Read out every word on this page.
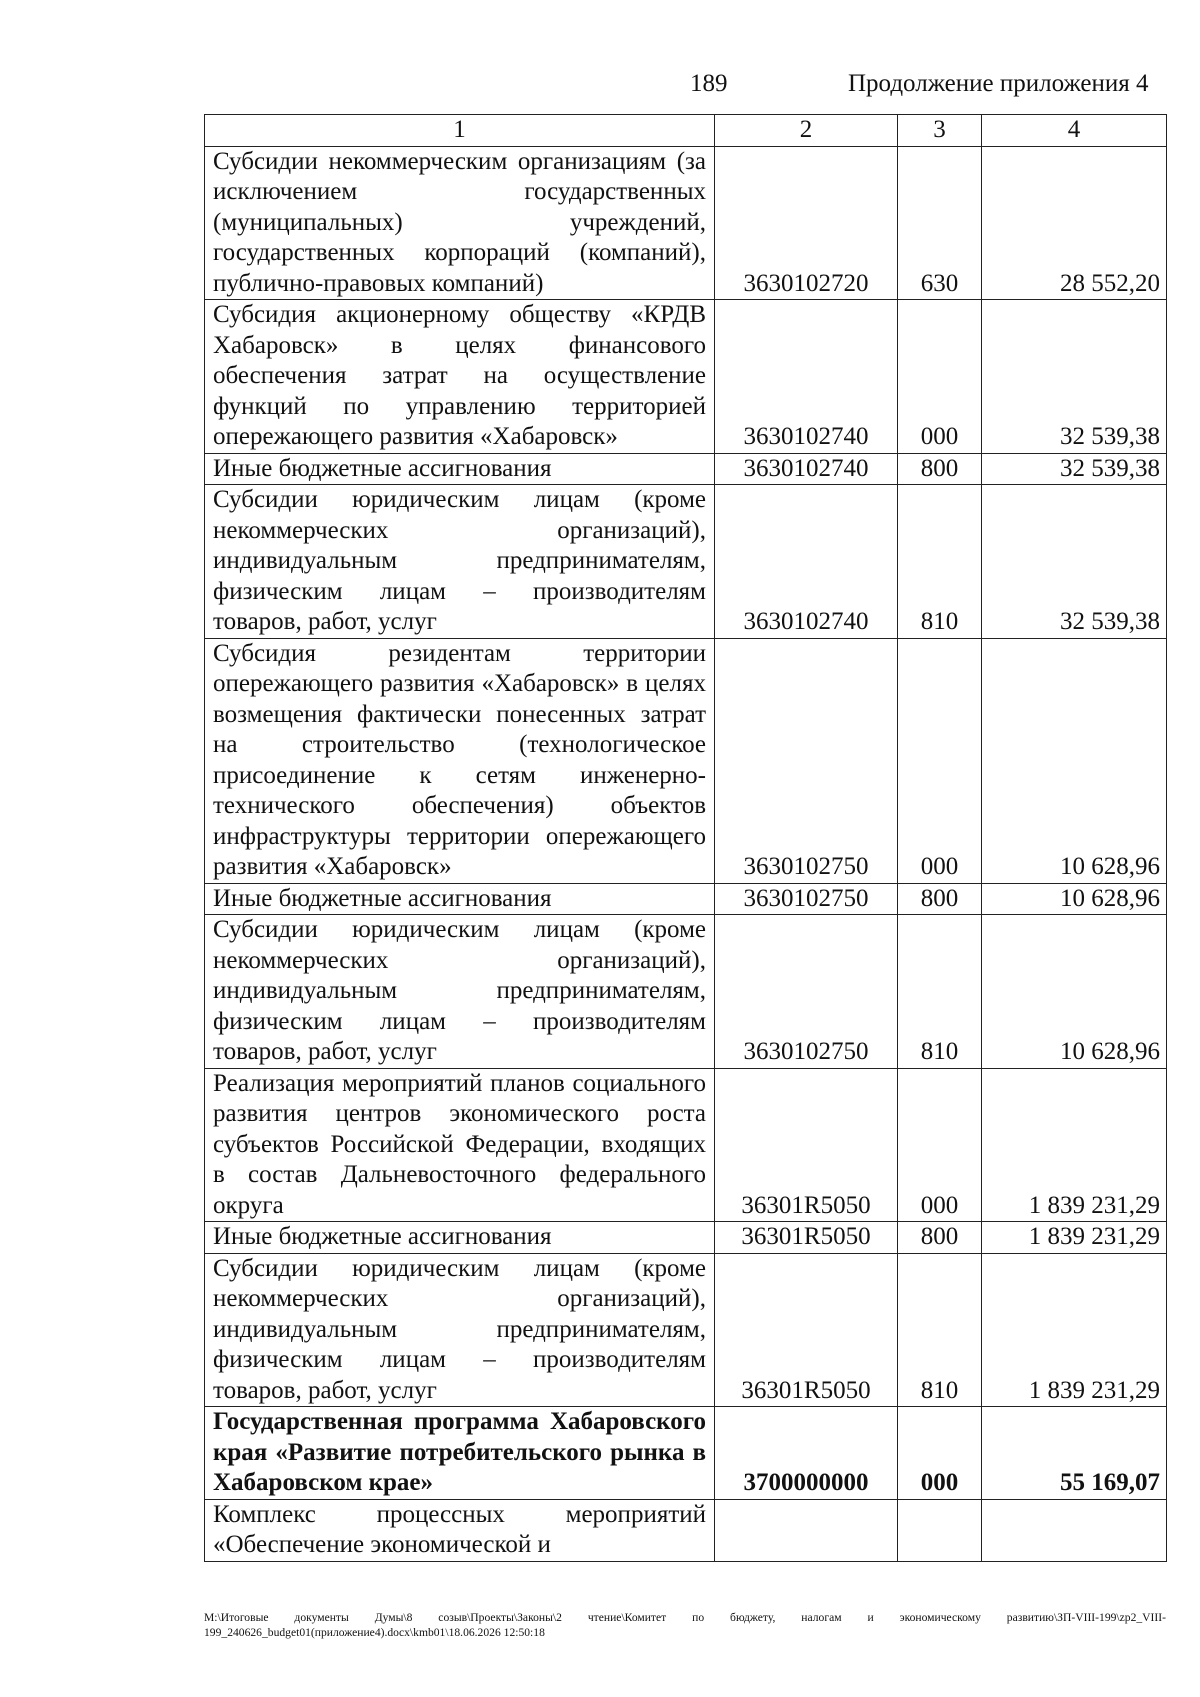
189	Продолжение приложения 4
1	2	3	4
Субсидии некоммерческим организациям (за исключением государственных (муниципальных) учреждений, государственных корпораций (компаний), публично-правовых компаний)	3630102720	630	28 552,20
Субсидия акционерному обществу «КРДВ Хабаровск» в целях финансового обеспечения затрат на осуществление функций по управлению территорией опережающего развития «Хабаровск»	3630102740	000	32 539,38
Иные бюджетные ассигнования	3630102740	800	32 539,38
Субсидии юридическим лицам (кроме некоммерческих организаций), индивидуальным предпринимателям, физическим лицам – производителям товаров, работ, услуг	3630102740	810	32 539,38
Субсидия резидентам территории опережающего развития «Хабаровск» в целях возмещения фактически понесенных затрат на строительство (технологическое присоединение к сетям инженерно-технического обеспечения) объектов инфраструктуры территории опережающего развития «Хабаровск»	3630102750	000	10 628,96
Иные бюджетные ассигнования	3630102750	800	10 628,96
Субсидии юридическим лицам (кроме некоммерческих организаций), индивидуальным предпринимателям, физическим лицам – производителям товаров, работ, услуг	3630102750	810	10 628,96
Реализация мероприятий планов социального развития центров экономического роста субъектов Российской Федерации, входящих в состав Дальневосточного федерального округа	36301R5050	000	1 839 231,29
Иные бюджетные ассигнования	36301R5050	800	1 839 231,29
Субсидии юридическим лицам (кроме некоммерческих организаций), индивидуальным предпринимателям, физическим лицам – производителям товаров, работ, услуг	36301R5050	810	1 839 231,29
Государственная программа Хабаровского края «Развитие потребительского рынка в Хабаровском крае»	3700000000	000	55 169,07
Комплекс процессных мероприятий «Обеспечение экономической и			
M:\Итоговые документы Думы\8 созыв\Проекты\Законы\2 чтение\Комитет по бюджету, налогам и экономическому развитию\ЗП-VIII-199\zp2_VIII-199_240626_budget01(приложение4).docx\kmb01\18.06.2026 12:50:18
